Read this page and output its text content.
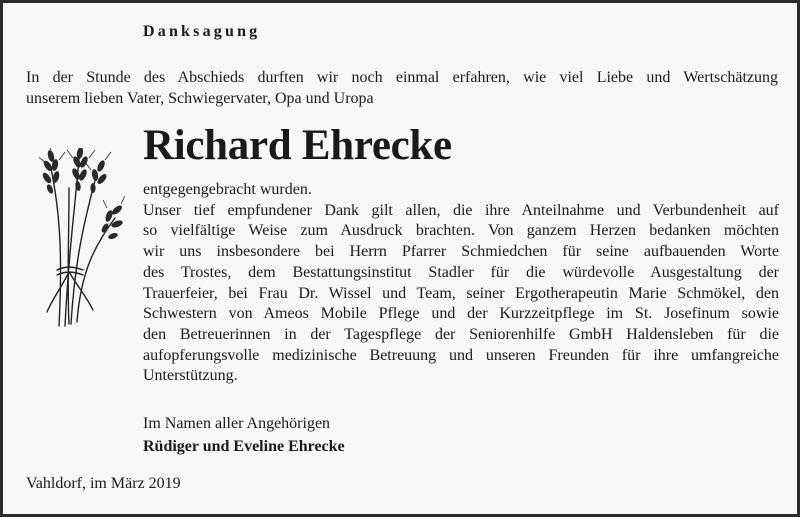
Danksagung
In der Stunde des Abschieds durften wir noch einmal erfahren, wie viel Liebe und Wertschätzung
unserem lieben Vater, Schwiegervater, Opa und Uropa
Richard Ehrecke
entgegengebracht wurden.
Unser tief empfundener Dank gilt allen, die ihre Anteilnahme und Verbundenheit auf
so vielfältige Weise zum Ausdruck brachten. Von ganzem Herzen bedanken möchten
wir uns insbesondere bei Herrn Pfarrer Schmiedchen für seine aufbauenden Worte
des Trostes, dem Bestattungsinstitut Stadler für die würdevolle Ausgestaltung der
Trauerfeier, bei Frau Dr. Wissel und Team, seiner Ergotherapeutin Marie Schmökel, den
Schwestern von Ameos Mobile Pflege und der Kurzzeitpflege im St. Josefinum sowie
den Betreuerinnen in der Tagespflege der Seniorenhilfe GmbH Haldensleben für die
aufopferungsvolle medizinische Betreuung und unseren Freunden für ihre umfangreiche
Unterstützung.
Im Namen aller Angehörigen
Rüdiger und Eveline Ehrecke
Vahldorf, im März 2019
